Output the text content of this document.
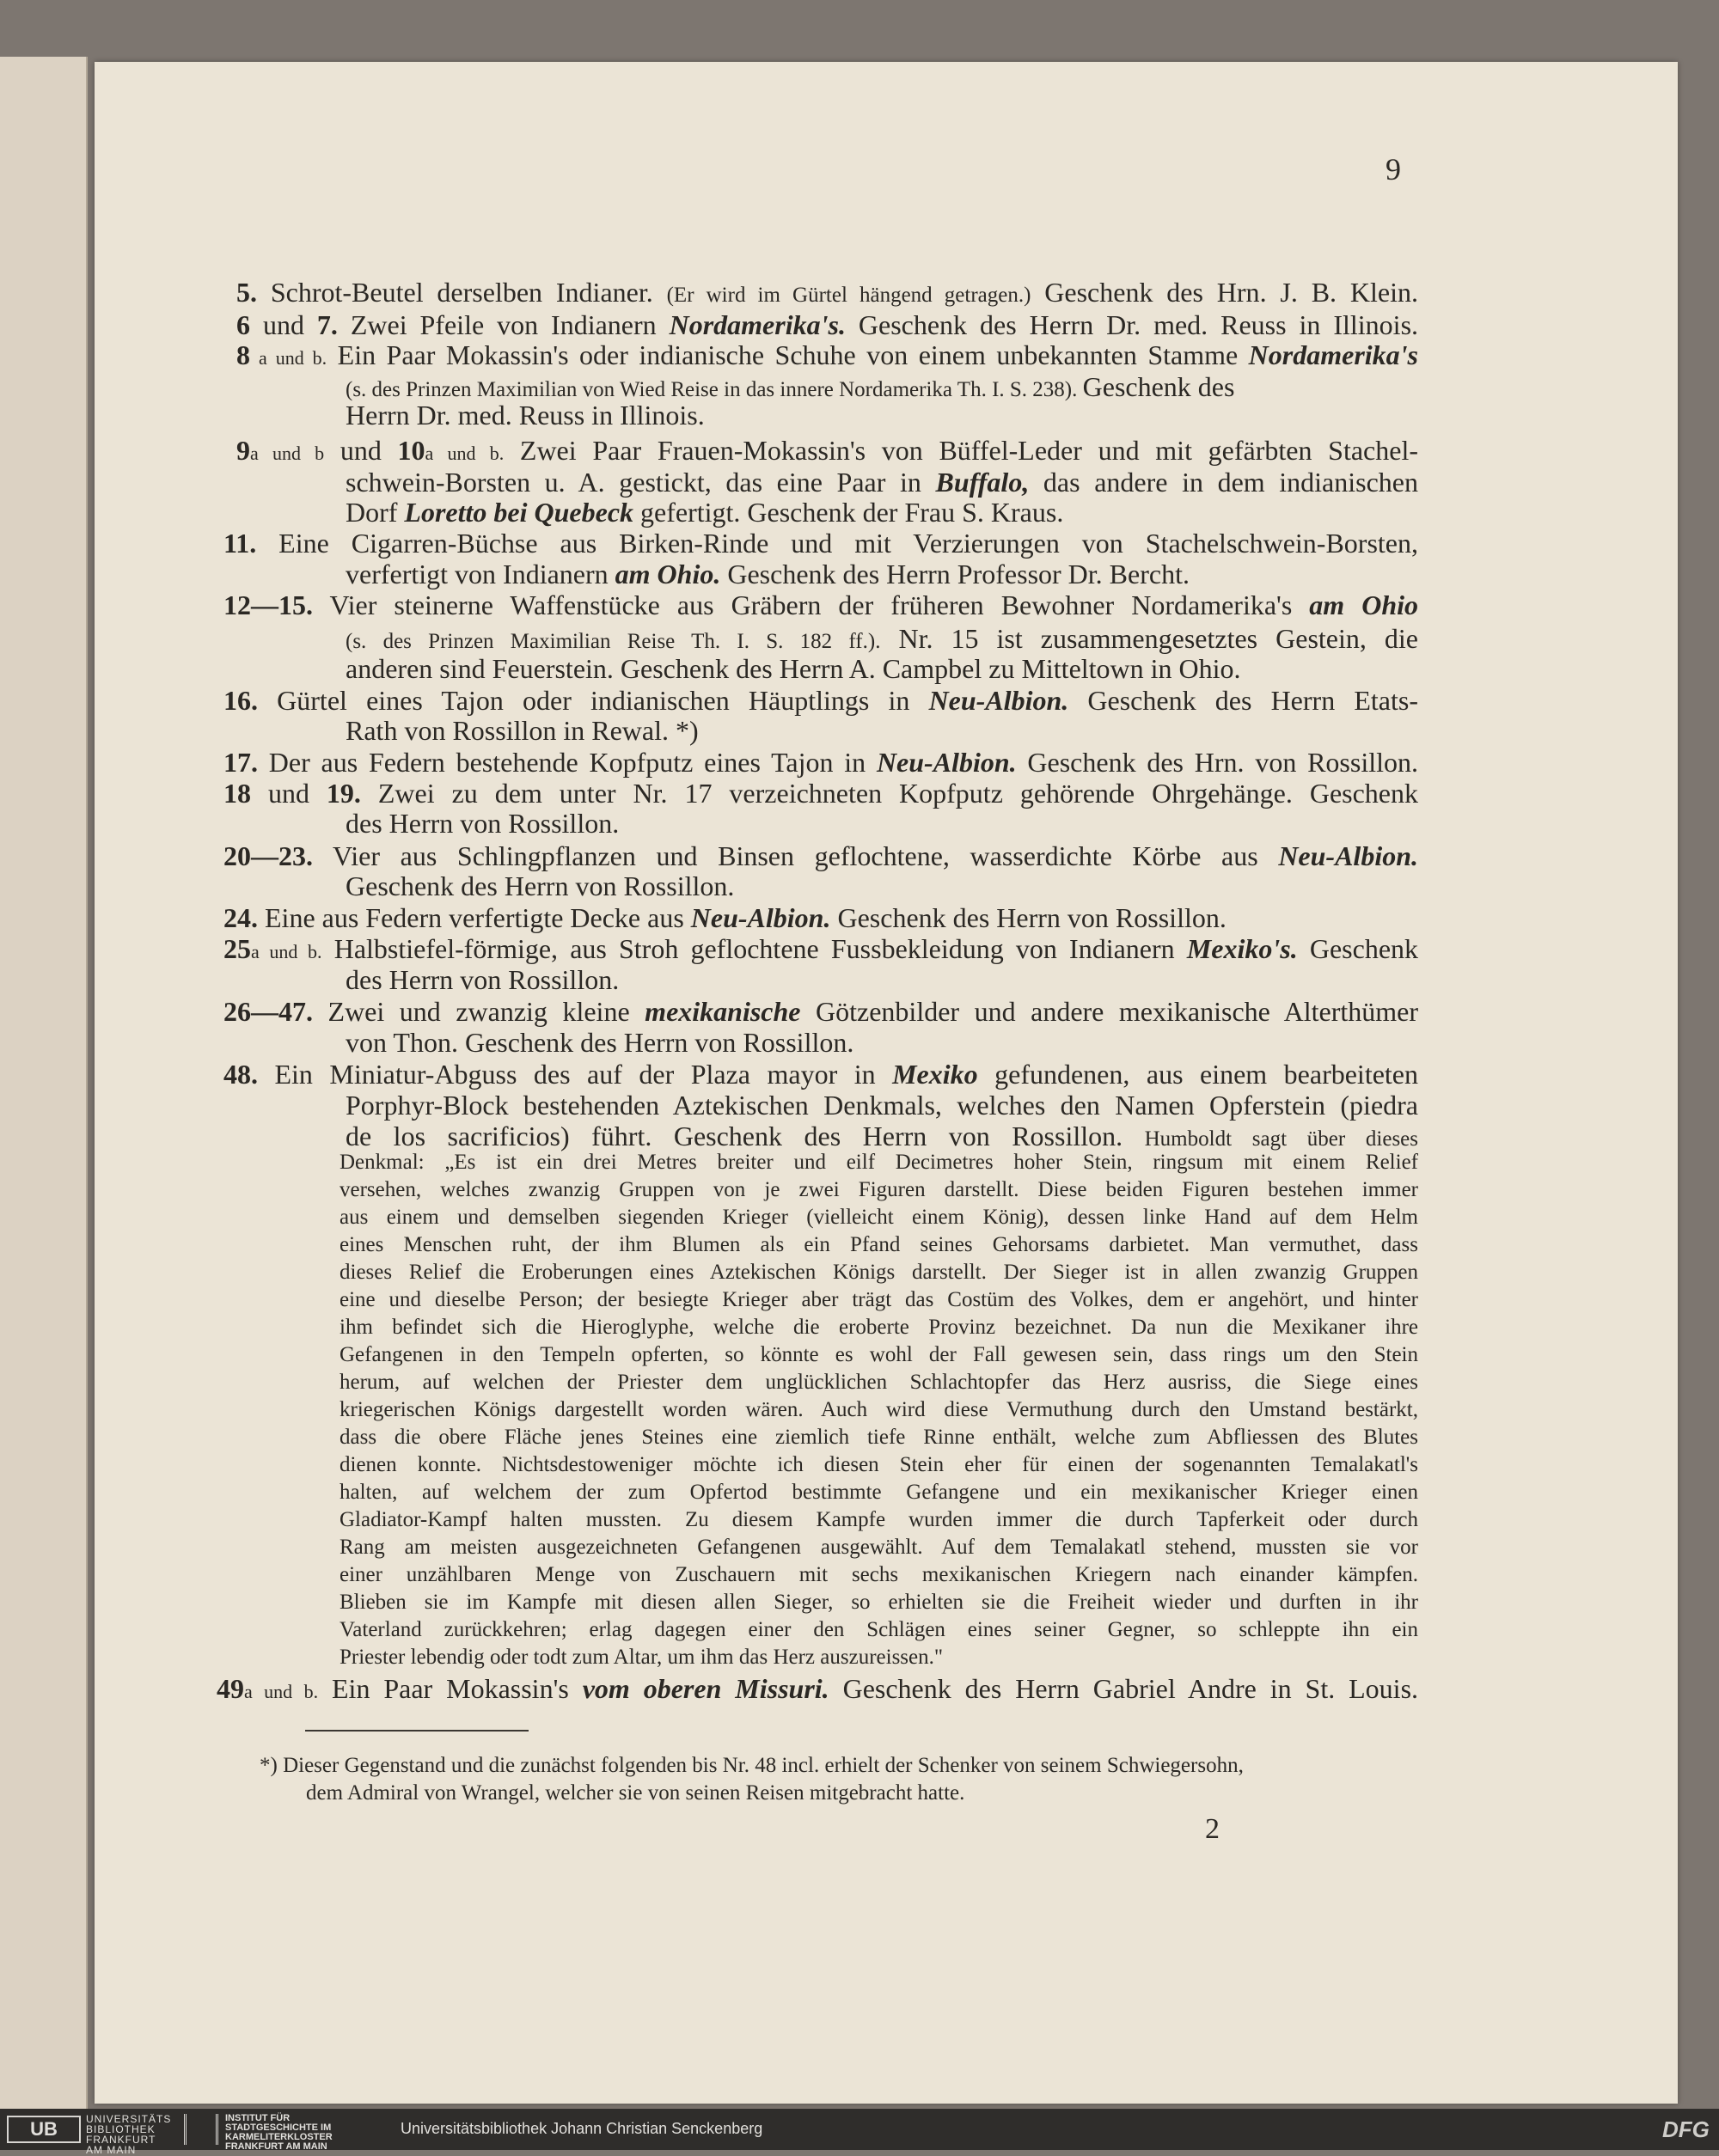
9
5. Schrot-Beutel derselben Indianer. (Er wird im Gürtel hängend getragen.) Geschenk des Hrn. J. B. Klein.
6 und 7. Zwei Pfeile von Indianern Nordamerika's. Geschenk des Herrn Dr. med. Reuss in Illinois.
8 a und b. Ein Paar Mokassin's oder indianische Schuhe von einem unbekannten Stamme Nordamerika's
(s. des Prinzen Maximilian von Wied Reise in das innere Nordamerika Th. I. S. 238). Geschenk des
Herrn Dr. med. Reuss in Illinois.
9a und b und 10a und b. Zwei Paar Frauen-Mokassin's von Büffel-Leder und mit gefärbten Stachel-
schwein-Borsten u. A. gestickt, das eine Paar in Buffalo, das andere in dem indianischen
Dorf Loretto bei Quebeck gefertigt. Geschenk der Frau S. Kraus.
11. Eine Cigarren-Büchse aus Birken-Rinde und mit Verzierungen von Stachelschwein-Borsten,
verfertigt von Indianern am Ohio. Geschenk des Herrn Professor Dr. Bercht.
12—15. Vier steinerne Waffenstücke aus Gräbern der früheren Bewohner Nordamerika's am Ohio
(s. des Prinzen Maximilian Reise Th. I. S. 182 ff.). Nr. 15 ist zusammengesetztes Gestein, die
anderen sind Feuerstein. Geschenk des Herrn A. Campbel zu Mitteltown in Ohio.
16. Gürtel eines Tajon oder indianischen Häuptlings in Neu-Albion. Geschenk des Herrn Etats-
Rath von Rossillon in Rewal. *)
17. Der aus Federn bestehende Kopfputz eines Tajon in Neu-Albion. Geschenk des Hrn. von Rossillon.
18 und 19. Zwei zu dem unter Nr. 17 verzeichneten Kopfputz gehörende Ohrgehänge. Geschenk
des Herrn von Rossillon.
20—23. Vier aus Schlingpflanzen und Binsen geflochtene, wasserdichte Körbe aus Neu-Albion.
Geschenk des Herrn von Rossillon.
24. Eine aus Federn verfertigte Decke aus Neu-Albion. Geschenk des Herrn von Rossillon.
25a und b. Halbstiefel-förmige, aus Stroh geflochtene Fussbekleidung von Indianern Mexiko's. Geschenk
des Herrn von Rossillon.
26—47. Zwei und zwanzig kleine mexikanische Götzenbilder und andere mexikanische Alterthümer
von Thon. Geschenk des Herrn von Rossillon.
48. Ein Miniatur-Abguss des auf der Plaza mayor in Mexiko gefundenen, aus einem bearbeiteten
Porphyr-Block bestehenden Aztekischen Denkmals, welches den Namen Opferstein (piedra
de los sacrificios) führt. Geschenk des Herrn von Rossillon. Humboldt sagt über dieses
Denkmal: „Es ist ein drei Metres breiter und eilf Decimetres hoher Stein, ringsum mit einem Relief
versehen, welches zwanzig Gruppen von je zwei Figuren darstellt. Diese beiden Figuren bestehen immer
aus einem und demselben siegenden Krieger (vielleicht einem König), dessen linke Hand auf dem Helm
eines Menschen ruht, der ihm Blumen als ein Pfand seines Gehorsams darbietet. Man vermuthet, dass
dieses Relief die Eroberungen eines Aztekischen Königs darstellt. Der Sieger ist in allen zwanzig Gruppen
eine und dieselbe Person; der besiegte Krieger aber trägt das Costüm des Volkes, dem er angehört, und hinter
ihm befindet sich die Hieroglyphe, welche die eroberte Provinz bezeichnet. Da nun die Mexikaner ihre
Gefangenen in den Tempeln opferten, so könnte es wohl der Fall gewesen sein, dass rings um den Stein
herum, auf welchen der Priester dem unglücklichen Schlachtopfer das Herz ausriss, die Siege eines
kriegerischen Königs dargestellt worden wären. Auch wird diese Vermuthung durch den Umstand bestärkt,
dass die obere Fläche jenes Steines eine ziemlich tiefe Rinne enthält, welche zum Abfliessen des Blutes
dienen konnte. Nichtsdestoweniger möchte ich diesen Stein eher für einen der sogenannten Temalakatl's
halten, auf welchem der zum Opfertod bestimmte Gefangene und ein mexikanischer Krieger einen
Gladiator-Kampf halten mussten. Zu diesem Kampfe wurden immer die durch Tapferkeit oder durch
Rang am meisten ausgezeichneten Gefangenen ausgewählt. Auf dem Temalakatl stehend, mussten sie vor
einer unzählbaren Menge von Zuschauern mit sechs mexikanischen Kriegern nach einander kämpfen.
Blieben sie im Kampfe mit diesen allen Sieger, so erhielten sie die Freiheit wieder und durften in ihr
Vaterland zurückkehren; erlag dagegen einer den Schlägen eines seiner Gegner, so schleppte ihn ein
Priester lebendig oder todt zum Altar, um ihm das Herz auszureissen."
49a und b. Ein Paar Mokassin's vom oberen Missuri. Geschenk des Herrn Gabriel Andre in St. Louis.
*) Dieser Gegenstand und die zunächst folgenden bis Nr. 48 incl. erhielt der Schenker von seinem Schwiegersohn,
dem Admiral von Wrangel, welcher sie von seinen Reisen mitgebracht hatte.
2
UB	UNIVERSITÄTS BIBLIOTHEK FRANKFURT AM MAIN
INSTITUT FÜR STADTGESCHICHTE IM KARMELITERKLOSTER FRANKFURT AM MAIN
Universitätsbibliothek Johann Christian Senckenberg	DFG
